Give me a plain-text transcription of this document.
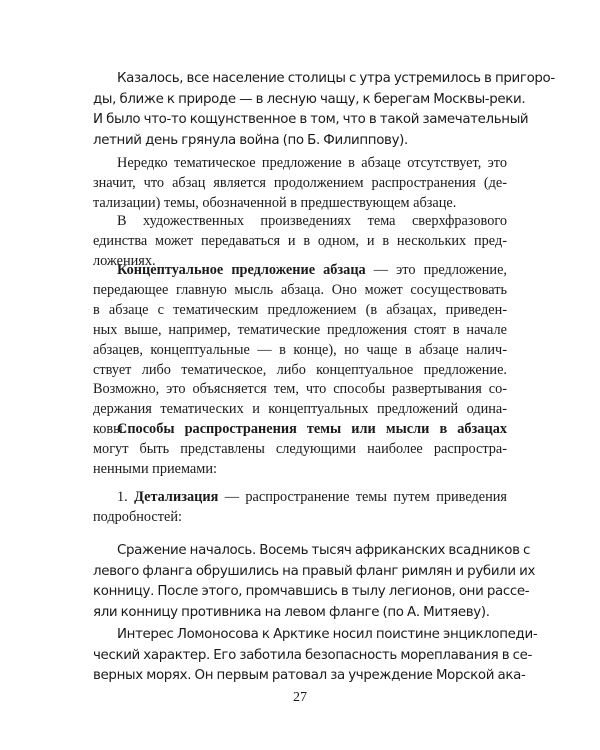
Казалось, все население столицы с утра устремилось в пригоро-
ды, ближе к природе — в лесную чащу, к берегам Москвы-реки.
И было что-то кощунственное в том, что в такой замечательный
летний день грянула война (по Б. Филиппову).
Нередко тематическое предложение в абзаце отсутствует, это
значит, что абзац является продолжением распространения (де-
тализации) темы, обозначенной в предшествующем абзаце.
В художественных произведениях тема сверхфразового
единства может передаваться и в одном, и в нескольких пред-
ложениях.
Концептуальное предложение абзаца — это предложение,
передающее главную мысль абзаца. Оно может сосуществовать
в абзаце с тематическим предложением (в абзацах, приведен-
ных выше, например, тематические предложения стоят в начале
абзацев, концептуальные — в конце), но чаще в абзаце налич-
ствует либо тематическое, либо концептуальное предложение.
Возможно, это объясняется тем, что способы развертывания со-
держания тематических и концептуальных предложений одина-
ковы.
Способы распространения темы или мысли в абзацах
могут быть представлены следующими наиболее распростра-
ненными приемами:
1. Детализация — распространение темы путем приведения
подробностей:
Сражение началось. Восемь тысяч африканских всадников с
левого фланга обрушились на правый фланг римлян и рубили их
конницу. После этого, промчавшись в тылу легионов, они рассе-
яли конницу противника на левом фланге (по А. Митяеву).
Интерес Ломоносова к Арктике носил поистине энциклопеди-
ческий характер. Его заботила безопасность мореплавания в се-
верных морях. Он первым ратовал за учреждение Морской ака-
27
